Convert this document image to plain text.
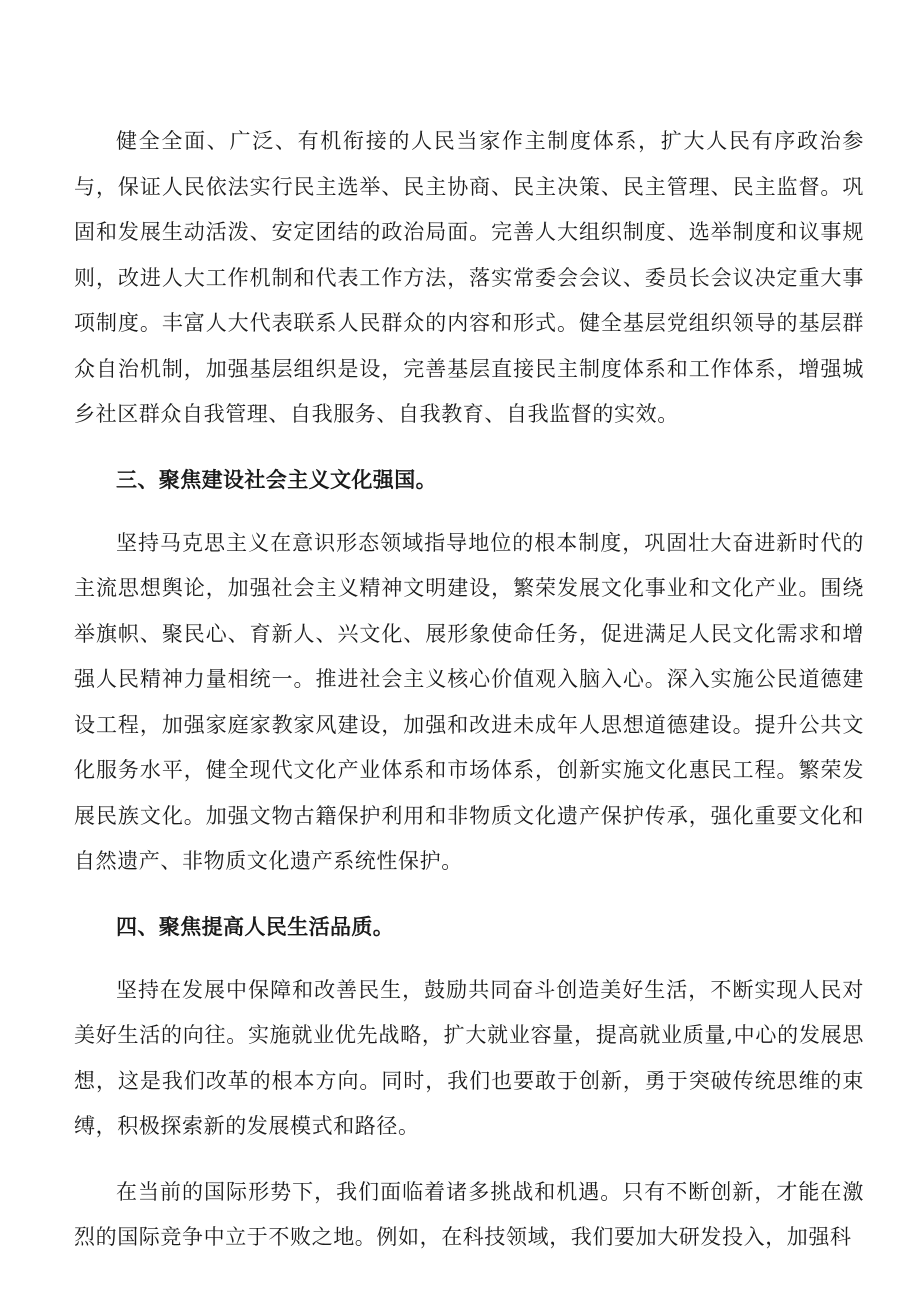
健全全面、广泛、有机衔接的人民当家作主制度体系，扩大人民有序政治参与，保证人民依法实行民主选举、民主协商、民主决策、民主管理、民主监督。巩固和发展生动活泼、安定团结的政治局面。完善人大组织制度、选举制度和议事规则，改进人大工作机制和代表工作方法，落实常委会会议、委员长会议决定重大事项制度。丰富人大代表联系人民群众的内容和形式。健全基层党组织领导的基层群众自治机制，加强基层组织是设，完善基层直接民主制度体系和工作体系，增强城乡社区群众自我管理、自我服务、自我教育、自我监督的实效。

三、聚焦建设社会主义文化强国。

坚持马克思主义在意识形态领域指导地位的根本制度，巩固壮大奋进新时代的主流思想舆论，加强社会主义精神文明建设，繁荣发展文化事业和文化产业。围绕举旗帜、聚民心、育新人、兴文化、展形象使命任务，促进满足人民文化需求和增强人民精神力量相统一。推进社会主义核心价值观入脑入心。深入实施公民道德建设工程，加强家庭家教家风建设，加强和改进未成年人思想道德建设。提升公共文化服务水平，健全现代文化产业体系和市场体系，创新实施文化惠民工程。繁荣发展民族文化。加强文物古籍保护利用和非物质文化遗产保护传承，强化重要文化和自然遗产、非物质文化遗产系统性保护。

四、聚焦提高人民生活品质。

坚持在发展中保障和改善民生，鼓励共同奋斗创造美好生活，不断实现人民对美好生活的向往。实施就业优先战略，扩大就业容量，提高就业质量,中心的发展思想，这是我们改革的根本方向。同时，我们也要敢于创新，勇于突破传统思维的束缚，积极探索新的发展模式和路径。

在当前的国际形势下，我们面临着诸多挑战和机遇。只有不断创新，才能在激烈的国际竞争中立于不败之地。例如，在科技领域，我们要加大研发投入，加强科
